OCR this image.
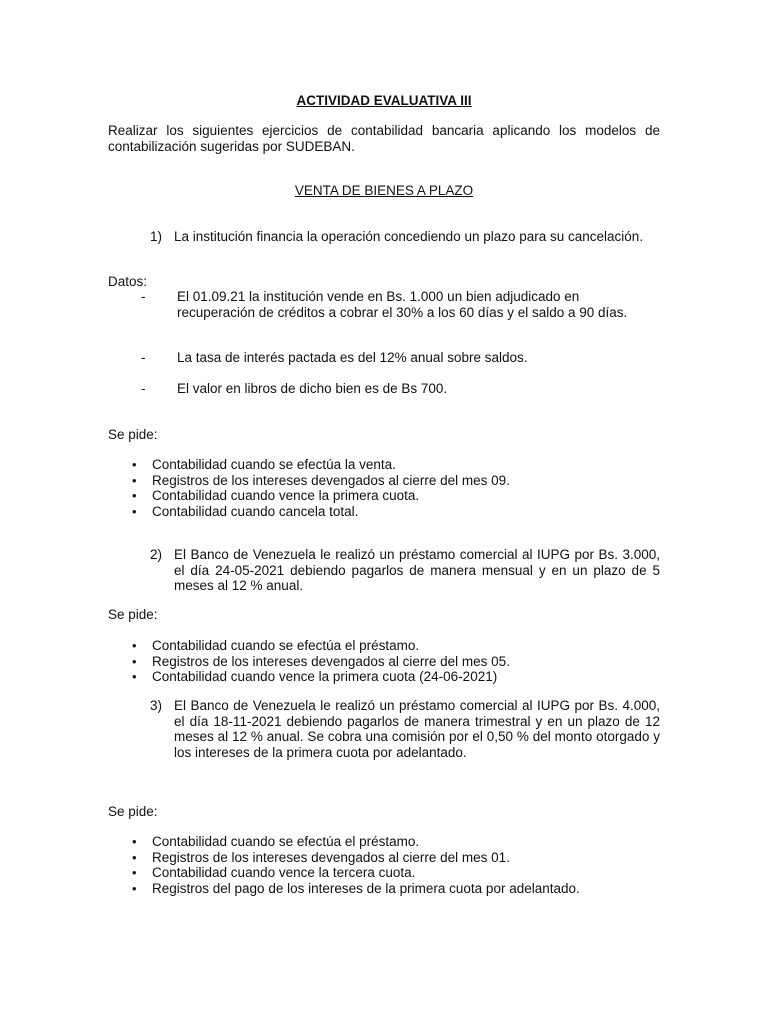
ACTIVIDAD EVALUATIVA III

Realizar los siguientes ejercicios de contabilidad bancaria aplicando los modelos de contabilización sugeridas por SUDEBAN.

VENTA DE BIENES A PLAZO

1) La institución financia la operación concediendo un plazo para su cancelación.

Datos:

- El 01.09.21 la institución vende en Bs. 1.000 un bien adjudicado en recuperación de créditos a cobrar el 30% a los 60 días y el saldo a 90 días.
- La tasa de interés pactada es del 12% anual sobre saldos.
- El valor en libros de dicho bien es de Bs 700.

Se pide:

• Contabilidad cuando se efectúa la venta.
• Registros de los intereses devengados al cierre del mes 09.
• Contabilidad cuando vence la primera cuota.
• Contabilidad cuando cancela total.
2) El Banco de Venezuela le realizó un préstamo comercial al IUPG por Bs. 3.000, el día 24-05-2021 debiendo pagarlos de manera mensual y en un plazo de 5 meses al 12 % anual.

Se pide:

• Contabilidad cuando se efectúa el préstamo.
• Registros de los intereses devengados al cierre del mes 05.
• Contabilidad cuando vence la primera cuota (24-06-2021)
3) El Banco de Venezuela le realizó un préstamo comercial al IUPG por Bs. 4.000, el día 18-11-2021 debiendo pagarlos de manera trimestral y en un plazo de 12 meses al 12 % anual. Se cobra una comisión por el 0,50 % del monto otorgado y los intereses de la primera cuota por adelantado.

Se pide:

• Contabilidad cuando se efectúa el préstamo.
• Registros de los intereses devengados al cierre del mes 01.
• Contabilidad cuando vence la tercera cuota.
• Registros del pago de los intereses de la primera cuota por adelantado.
